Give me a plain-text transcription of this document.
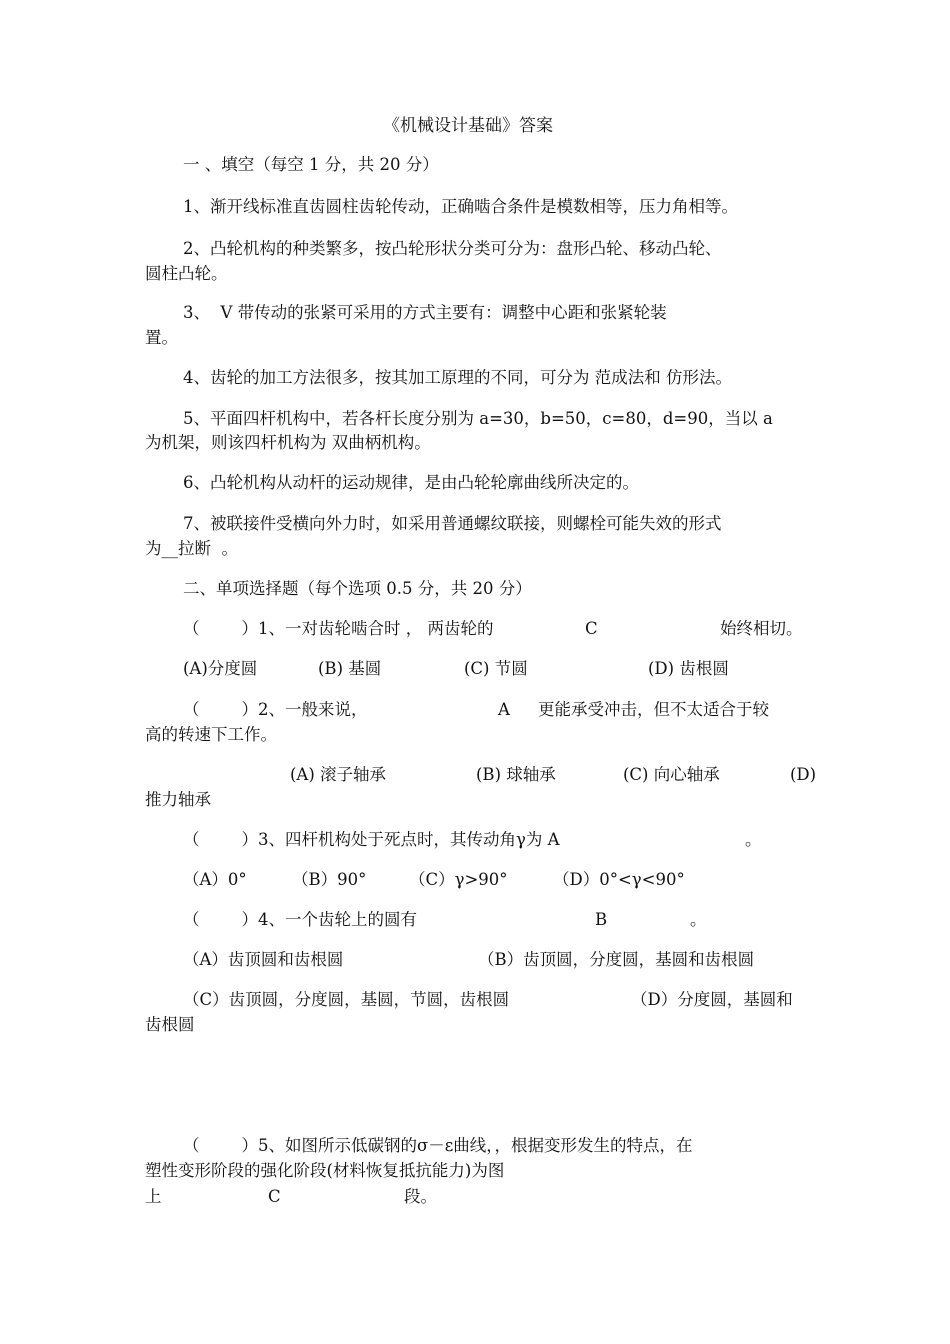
《机械设计基础》答案
一 、填空（每空 1 分，共 20 分）
1、渐开线标准直齿圆柱齿轮传动，正确啮合条件是模数相等，压力角相等。
2、凸轮机构的种类繁多，按凸轮形状分类可分为：盘形凸轮、移动凸轮、
圆柱凸轮。
3、  V 带传动的张紧可采用的方式主要有：调整中心距和张紧轮装
置。
4、齿轮的加工方法很多，按其加工原理的不同，可分为 范成法和 仿形法。
5、平面四杆机构中，若各杆长度分别为 a=30，b=50，c=80，d=90，当以 a
为机架，则该四杆机构为 双曲柄机构。
6、凸轮机构从动杆的运动规律，是由凸轮轮廓曲线所决定的。
7、被联接件受横向外力时，如采用普通螺纹联接，则螺栓可能失效的形式
为__拉断  。
二、单项选择题（每个选项 0.5 分，共 20 分）
（        ）1、一对齿轮啮合时 ， 两齿轮的	C	始终相切。
(A)分度圆	(B) 基圆	(C) 节圆	(D) 齿根圆
（        ）2、一般来说，	A 更能承受冲击，但不太适合于较
高的转速下工作。
(A) 滚子轴承	(B) 球轴承	(C) 向心轴承	(D)
推力轴承
（        ）3、四杆机构处于死点时，其传动角γ为 A	。
（A）0°	（B）90°	（C）γ>90°	（D）0°<γ<90°
（        ）4、一个齿轮上的圆有	B	。
（A）齿顶圆和齿根圆	（B）齿顶圆，分度圆，基圆和齿根圆
（C）齿顶圆，分度圆，基圆，节圆，齿根圆	（D）分度圆，基圆和
齿根圆
（        ）5、如图所示低碳钢的σ－ε曲线，，根据变形发生的特点，在
塑性变形阶段的强化阶段(材料恢复抵抗能力)为图
上	C	段。
